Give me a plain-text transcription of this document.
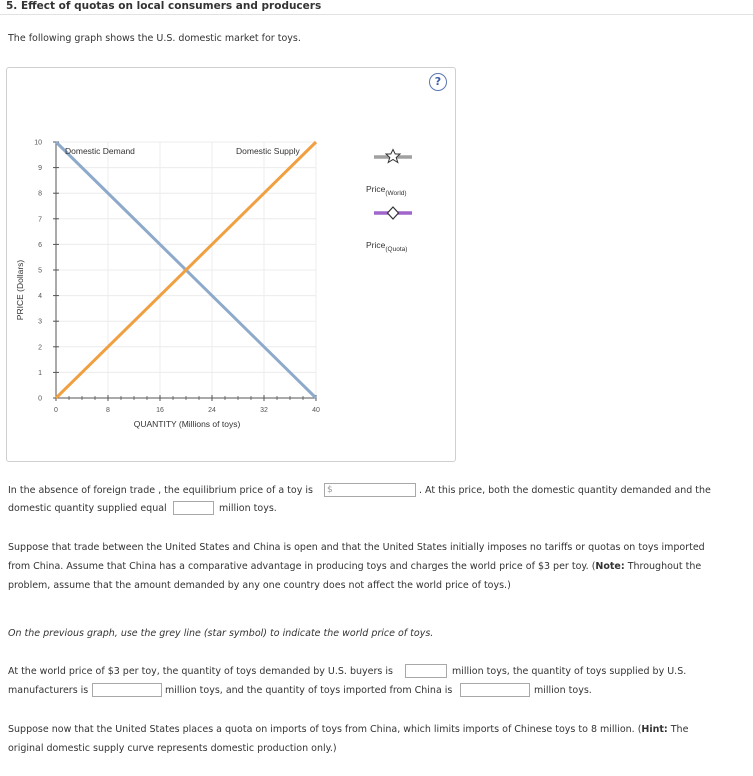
5. Effect of quotas on local consumers and producers
The following graph shows the U.S. domestic market for toys.
?
0
1
2
3
4
5
6
7
8
9
10
0	8	16	24	32	40
PRICE (Dollars)
QUANTITY (Millions of toys)
Domestic Demand	Domestic Supply
Price$_{(World)}$
Price$_{(Quota)}$
In the absence of foreign trade , the equilibrium price of a toy is	$	. At this price, both the domestic quantity demanded and the
domestic quantity supplied equal	million toys.
Suppose that trade between the United States and China is open and that the United States initially imposes no tariffs or quotas on toys imported
from China. Assume that China has a comparative advantage in producing toys and charges the world price of $3 per toy. (Note: Throughout the
problem, assume that the amount demanded by any one country does not affect the world price of toys.)
On the previous graph, use the grey line (star symbol) to indicate the world price of toys.
At the world price of $3 per toy, the quantity of toys demanded by U.S. buyers is	million toys, the quantity of toys supplied by U.S.
manufacturers is	million toys, and the quantity of toys imported from China is	million toys.
Suppose now that the United States places a quota on imports of toys from China, which limits imports of Chinese toys to 8 million. (Hint: The
original domestic supply curve represents domestic production only.)
